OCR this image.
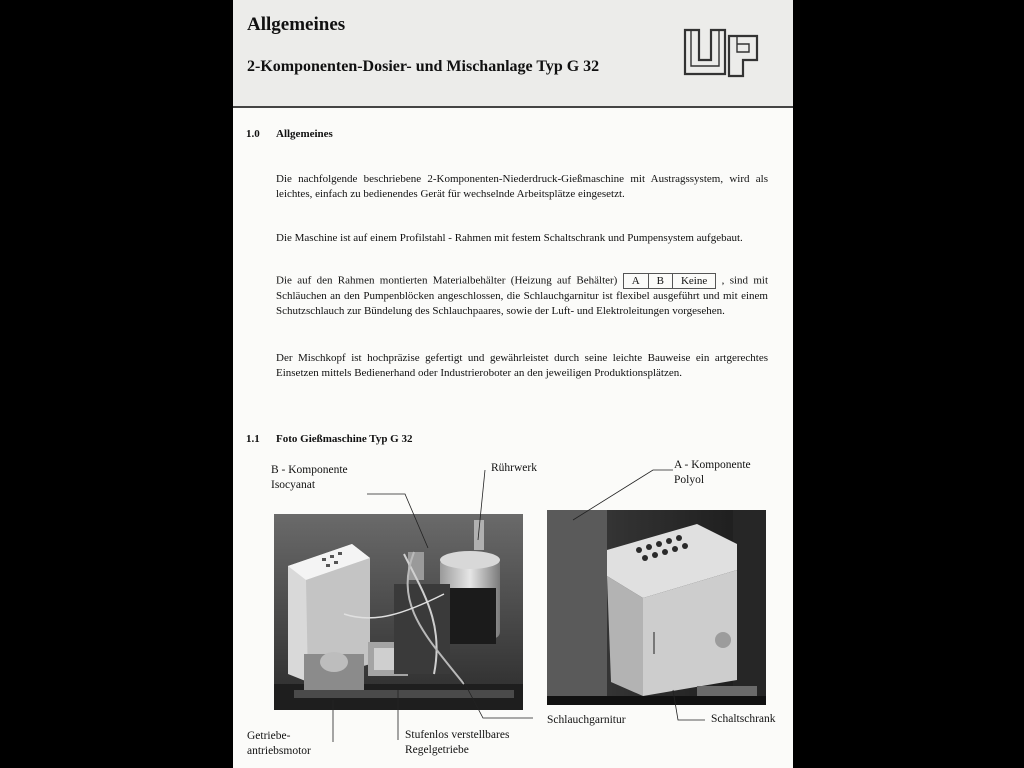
Allgemeines
2-Komponenten-Dosier- und Mischanlage Typ G 32
1.0 Allgemeines
Die nachfolgende beschriebene 2-Komponenten-Niederdruck-Gießmaschine mit Austragssystem, wird als leichtes, einfach zu bedienendes Gerät für wechselnde Arbeitsplätze eingesetzt.
Die Maschine ist auf einem Profilstahl - Rahmen mit festem Schaltschrank und Pumpensystem aufgebaut.
Die auf den Rahmen montierten Materialbehälter (Heizung auf Behälter) A B Keine , sind mit Schläuchen an den Pumpenblöcken angeschlossen, die Schlauchgarnitur ist flexibel ausgeführt und mit einem Schutzschlauch zur Bündelung des Schlauchpaares, sowie der Luft- und Elektroleitungen vorgesehen.
Der Mischkopf ist hochpräzise gefertigt und gewährleistet durch seine leichte Bauweise ein artgerechtes Einsetzen mittels Bedienerhand oder Industrieroboter an den jeweiligen Produktionsplätzen.
1.1 Foto Gießmaschine Typ G 32
B - Komponente
Isocyanat
Rührwerk	A - Komponente
Polyol
Getriebe-
antriebsmotor
Stufenlos verstellbares
Regelgetriebe
Schlauchgarnitur	Schaltschrank
